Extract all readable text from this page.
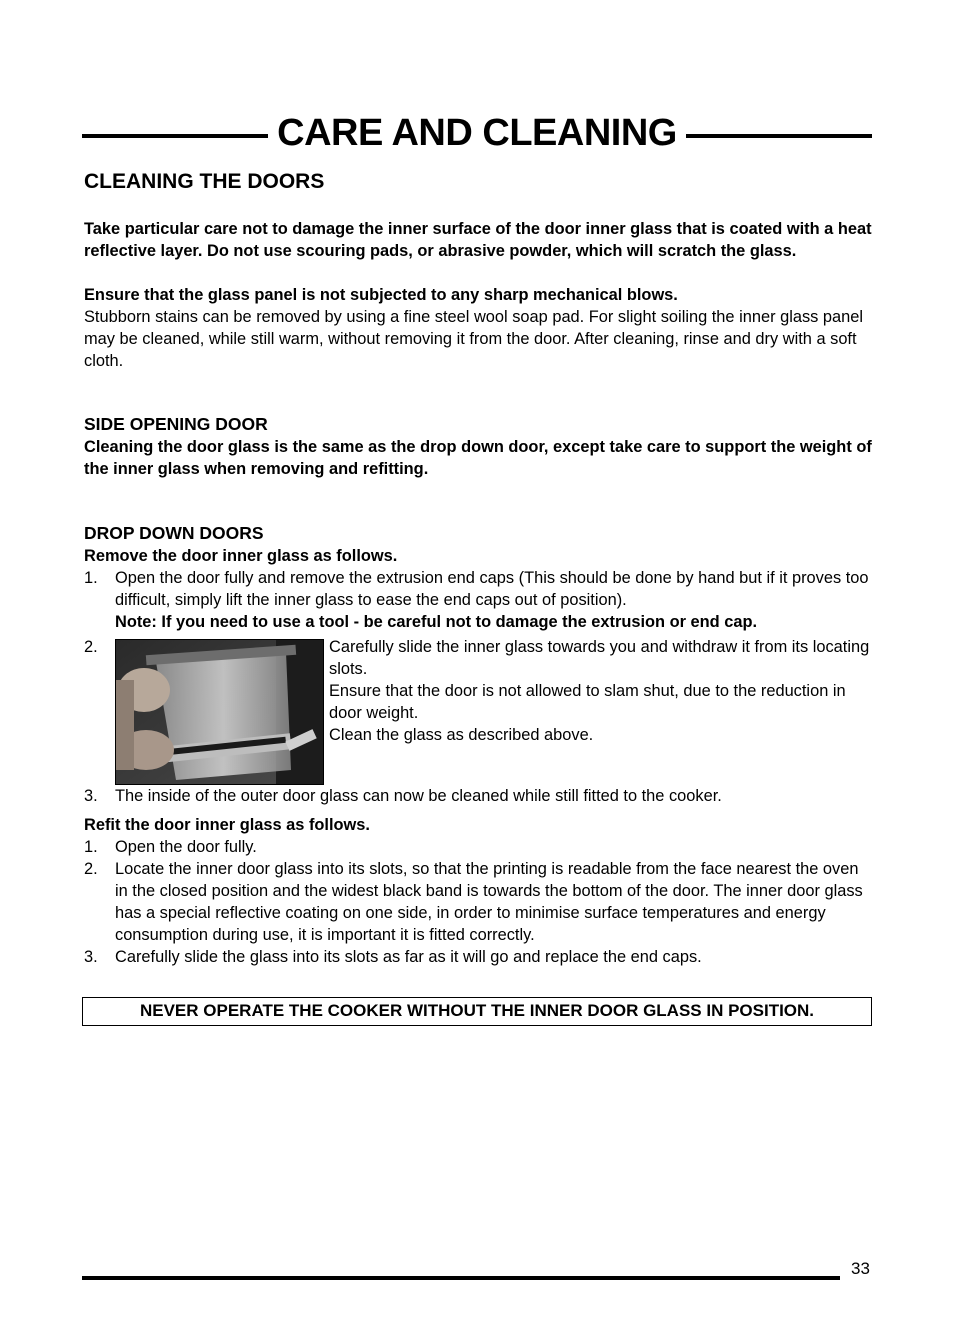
CARE AND CLEANING
CLEANING THE DOORS
Take particular care not to damage the inner surface of the door inner glass that is coated with a heat reflective layer. Do not use scouring pads, or abrasive powder, which will scratch the glass.
Ensure that the glass panel is not subjected to any sharp mechanical blows.
Stubborn stains can be removed by using a fine steel wool soap pad. For slight soiling the inner glass panel may be cleaned, while still warm, without removing it from the door. After cleaning, rinse and dry with a soft cloth.
SIDE OPENING DOOR
Cleaning the door glass is the same as the drop down door, except take care to support the weight of the inner glass when removing and refitting.
DROP DOWN DOORS
Remove the door inner glass as follows.
1.	Open the door fully and remove the extrusion end caps (This should be done by hand but if it proves too difficult, simply lift the inner glass to ease the end caps out of position).
Note: If you need to use a tool - be careful not to damage the extrusion or end cap.
2.	Carefully slide the inner glass towards you and withdraw it from its locating slots.
Ensure that the door is not allowed to slam shut, due to the reduction in door weight.
Clean the glass as described above.
3.	The inside of the outer door glass can now be cleaned while still fitted to the cooker.
Refit the door inner glass as follows.
1.	Open the door fully.
2.	Locate the inner door glass into its slots, so that the printing is readable from the face nearest the oven in the closed position and the widest black band is towards the bottom of the door. The inner door glass has a special reflective coating on one side, in order to minimise surface temperatures and energy consumption during use, it is important it is fitted correctly.
3.	Carefully slide the glass into its slots as far as it will go and replace the end caps.
NEVER OPERATE THE COOKER WITHOUT THE INNER DOOR GLASS IN POSITION.
33
